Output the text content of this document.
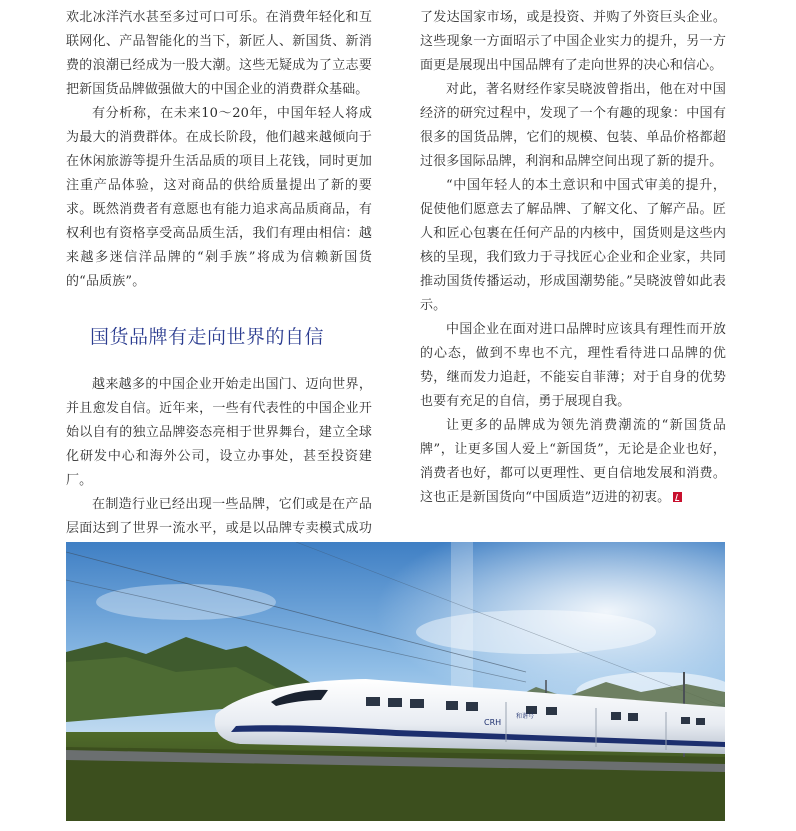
欢北冰洋汽水甚至多过可口可乐。在消费年轻化和互联网化、产品智能化的当下，新匠人、新国货、新消费的浪潮已经成为一股大潮。这些无疑成为了立志要把新国货品牌做强做大的中国企业的消费群众基础。

有分析称，在未来10～20年，中国年轻人将成为最大的消费群体。在成长阶段，他们越来越倾向于在休闲旅游等提升生活品质的项目上花钱，同时更加注重产品体验，这对商品的供给质量提出了新的要求。既然消费者有意愿也有能力追求高品质商品，有权利也有资格享受高品质生活，我们有理由相信：越来越多迷信洋品牌的“剁手族”将成为信赖新国货的“品质族”。

国货品牌有走向世界的自信

越来越多的中国企业开始走出国门、迈向世界，并且愈发自信。近年来，一些有代表性的中国企业开始以自有的独立品牌姿态亮相于世界舞台，建立全球化研发中心和海外公司，设立办事处，甚至投资建厂。

在制造行业已经出现一些品牌，它们或是在产品层面达到了世界一流水平，或是以品牌专卖模式成功

了发达国家市场，或是投资、并购了外资巨头企业。这些现象一方面昭示了中国企业实力的提升，另一方面更是展现出中国品牌有了走向世界的决心和信心。

对此，著名财经作家吴晓波曾指出，他在对中国经济的研究过程中，发现了一个有趣的现象：中国有很多的国货品牌，它们的规模、包装、单品价格都超过很多国际品牌，利润和品牌空间出现了新的提升。

“中国年轻人的本土意识和中国式审美的提升，促使他们愿意去了解品牌、了解文化、了解产品。匠人和匠心包裹在任何产品的内核中，国货则是这些内核的呈现，我们致力于寻找匠心企业和企业家，共同推动国货传播运动，形成国潮势能。”吴晓波曾如此表示。

中国企业在面对进口品牌时应该具有理性而开放的心态，做到不卑也不亢，理性看待进口品牌的优势，继而发力追赶，不能妄自菲薄；对于自身的优势也要有充足的自信，勇于展现自我。

让更多的品牌成为领先消费潮流的“新国货品牌”，让更多国人爱上“新国货”，无论是企业也好，消费者也好，都可以更理性、更自信地发展和消费。这也正是新国货向“中国质造”迈进的初衷。

CRH
和谐号
